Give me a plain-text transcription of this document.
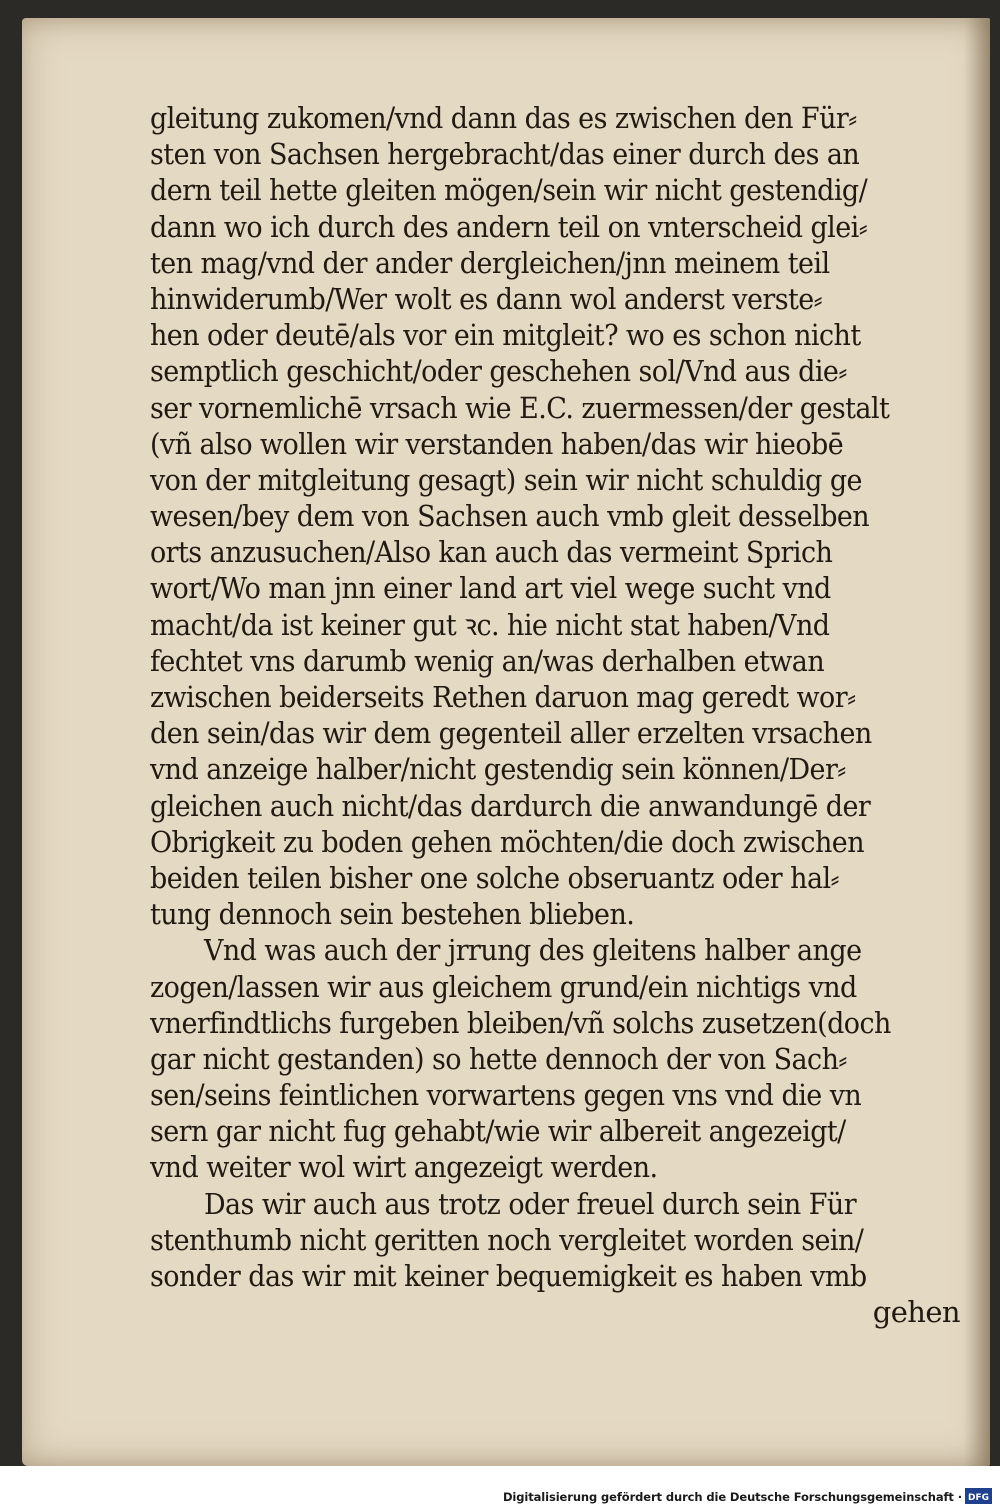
gleitung zukomen/vnd dann das es zwischen den Für⸗
sten von Sachsen hergebracht/das einer durch des an
dern teil hette gleiten mögen/sein wir nicht gestendig/
dann wo ich durch des andern teil on vnterscheid glei⸗
ten mag/vnd der ander dergleichen/jnn meinem teil
hinwiderumb/Wer wolt es dann wol anderst verste⸗
hen oder deutē/als vor ein mitgleit? wo es schon nicht
semptlich geschicht/oder geschehen sol/Vnd aus die⸗
ser vornemlichē vrsach wie E.C. zuermessen/der gestalt
(vñ also wollen wir verstanden haben/das wir hieobē
von der mitgleitung gesagt) sein wir nicht schuldig ge
wesen/bey dem von Sachsen auch vmb gleit desselben
orts anzusuchen/Also kan auch das vermeint Sprich
wort/Wo man jnn einer land art viel wege sucht vnd
macht/da ist keiner gut ꝛc. hie nicht stat haben/Vnd
fechtet vns darumb wenig an/was derhalben etwan
zwischen beiderseits Rethen daruon mag geredt wor⸗
den sein/das wir dem gegenteil aller erzelten vrsachen
vnd anzeige halber/nicht gestendig sein können/Der⸗
gleichen auch nicht/das dardurch die anwandungē der
Obrigkeit zu boden gehen möchten/die doch zwischen
beiden teilen bisher one solche obseruantz oder hal⸗
tung dennoch sein bestehen blieben.
Vnd was auch der jrrung des gleitens halber ange
zogen/lassen wir aus gleichem grund/ein nichtigs vnd
vnerfindtlichs furgeben bleiben/vñ solchs zusetzen(doch
gar nicht gestanden) so hette dennoch der von Sach⸗
sen/seins feintlichen vorwartens gegen vns vnd die vn
sern gar nicht fug gehabt/wie wir albereit angezeigt/
vnd weiter wol wirt angezeigt werden.
Das wir auch aus trotz oder freuel durch sein Für
stenthumb nicht geritten noch vergleitet worden sein/
sonder das wir mit keiner bequemigkeit es haben vmb
gehen
Digitalisierung gefördert durch die Deutsche Forschungsgemeinschaft · DFG
